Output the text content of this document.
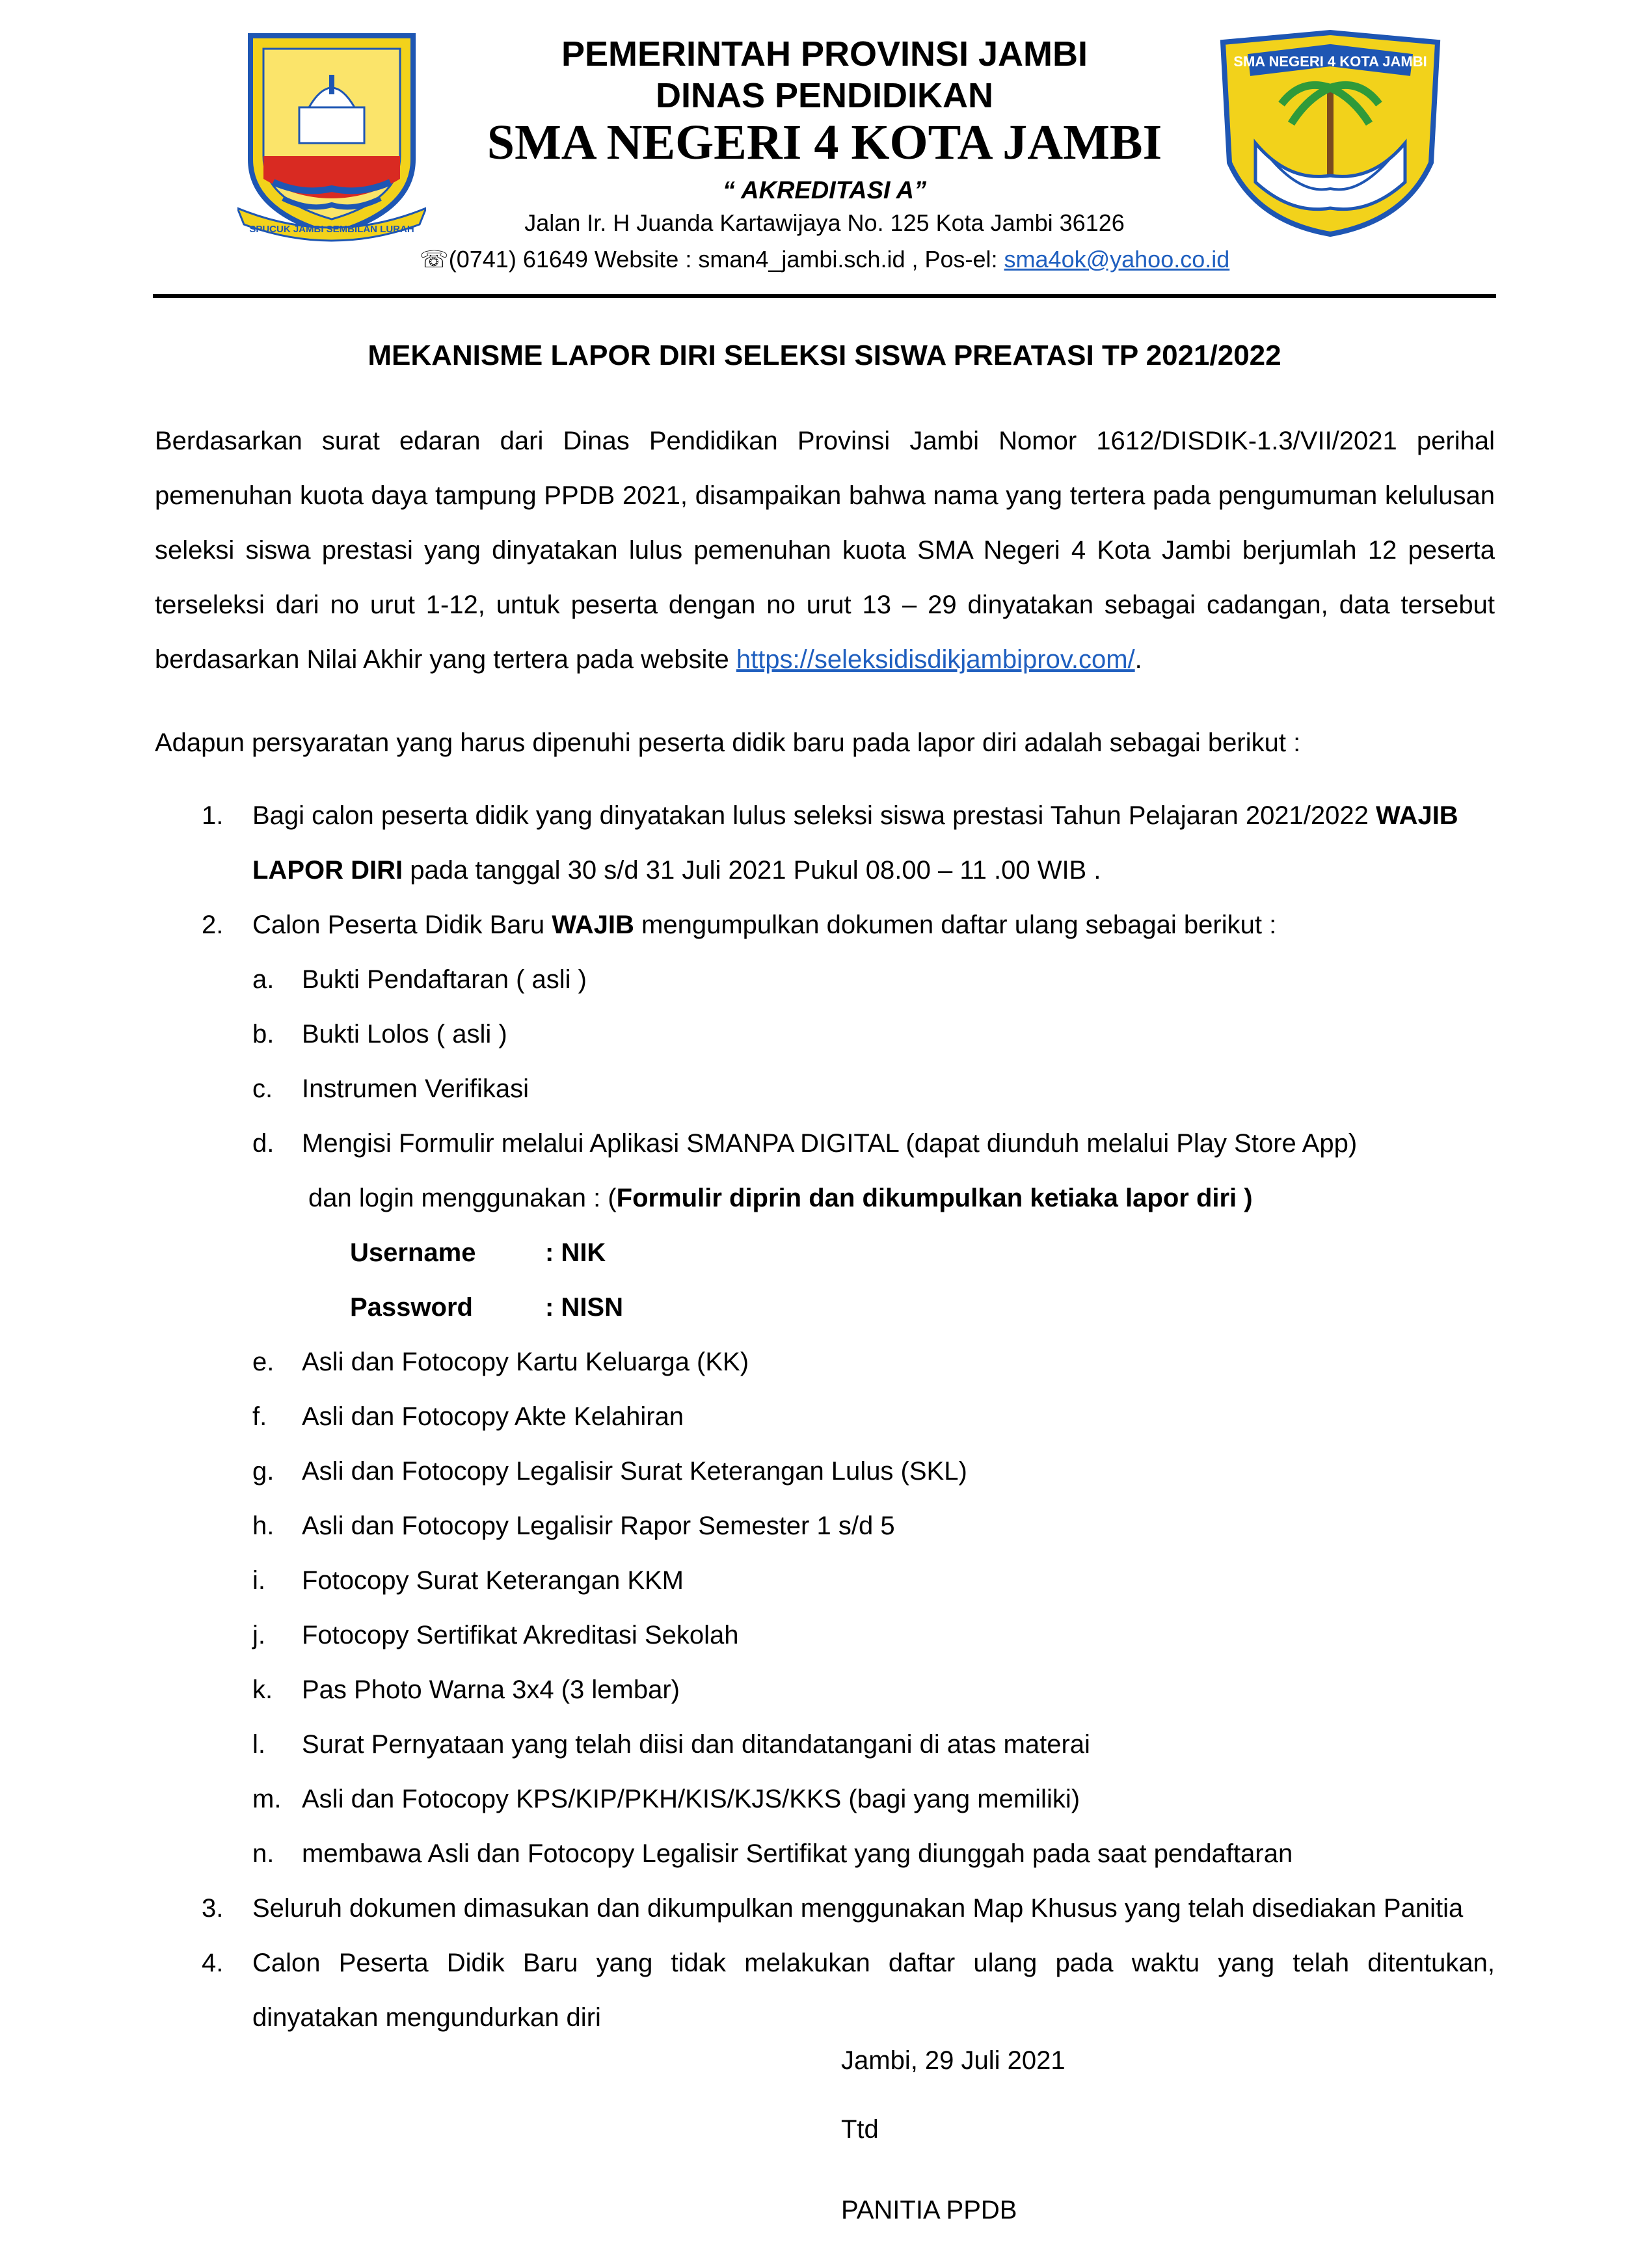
SPUCUK JAMBI SEMBILAN LURAH
SMA NEGERI 4 KOTA JAMBI
PEMERINTAH PROVINSI JAMBI
DINAS PENDIDIKAN
SMA NEGERI 4 KOTA JAMBI
“ AKREDITASI A”
Jalan Ir. H Juanda Kartawijaya No. 125 Kota Jambi 36126
☏(0741) 61649 Website : sman4_jambi.sch.id , Pos-el: sma4ok@yahoo.co.id
MEKANISME LAPOR DIRI SELEKSI SISWA PREATASI TP 2021/2022
Berdasarkan surat edaran dari Dinas Pendidikan Provinsi Jambi Nomor 1612/DISDIK-1.3/VII/2021 perihal pemenuhan kuota daya tampung PPDB 2021, disampaikan bahwa nama yang tertera pada pengumuman kelulusan seleksi siswa prestasi yang dinyatakan lulus pemenuhan kuota SMA Negeri 4 Kota Jambi berjumlah 12 peserta terseleksi dari no urut 1-12, untuk peserta dengan no urut 13 – 29 dinyatakan sebagai cadangan, data tersebut berdasarkan Nilai Akhir yang tertera pada website https://seleksidisdikjambiprov.com/.
Adapun persyaratan yang harus dipenuhi peserta didik baru pada lapor diri adalah sebagai berikut :
1. Bagi calon peserta didik yang dinyatakan lulus seleksi siswa prestasi Tahun Pelajaran 2021/2022 WAJIB
LAPOR DIRI pada tanggal 30 s/d 31 Juli 2021 Pukul 08.00 – 11 .00 WIB .
2. Calon Peserta Didik Baru WAJIB mengumpulkan dokumen daftar ulang sebagai berikut :
a. Bukti Pendaftaran ( asli )
b. Bukti Lolos ( asli )
c. Instrumen Verifikasi
d. Mengisi Formulir melalui Aplikasi SMANPA DIGITAL (dapat diunduh melalui Play Store App)
dan login menggunakan : (Formulir diprin dan dikumpulkan ketiaka lapor diri )
Username	: NIK
Password	: NISN
e. Asli dan Fotocopy Kartu Keluarga (KK)
f. Asli dan Fotocopy Akte Kelahiran
g. Asli dan Fotocopy Legalisir Surat Keterangan Lulus (SKL)
h. Asli dan Fotocopy Legalisir Rapor Semester 1 s/d 5
i. Fotocopy Surat Keterangan KKM
j. Fotocopy Sertifikat Akreditasi Sekolah
k. Pas Photo Warna 3x4 (3 lembar)
l. Surat Pernyataan yang telah diisi dan ditandatangani di atas materai
m. Asli dan Fotocopy KPS/KIP/PKH/KIS/KJS/KKS (bagi yang memiliki)
n. membawa Asli dan Fotocopy Legalisir Sertifikat yang diunggah pada saat pendaftaran
3. Seluruh dokumen dimasukan dan dikumpulkan menggunakan Map Khusus yang telah disediakan Panitia
4. Calon Peserta Didik Baru yang tidak melakukan daftar ulang pada waktu yang telah ditentukan,
dinyatakan mengundurkan diri
Jambi, 29 Juli 2021
Ttd
PANITIA PPDB
